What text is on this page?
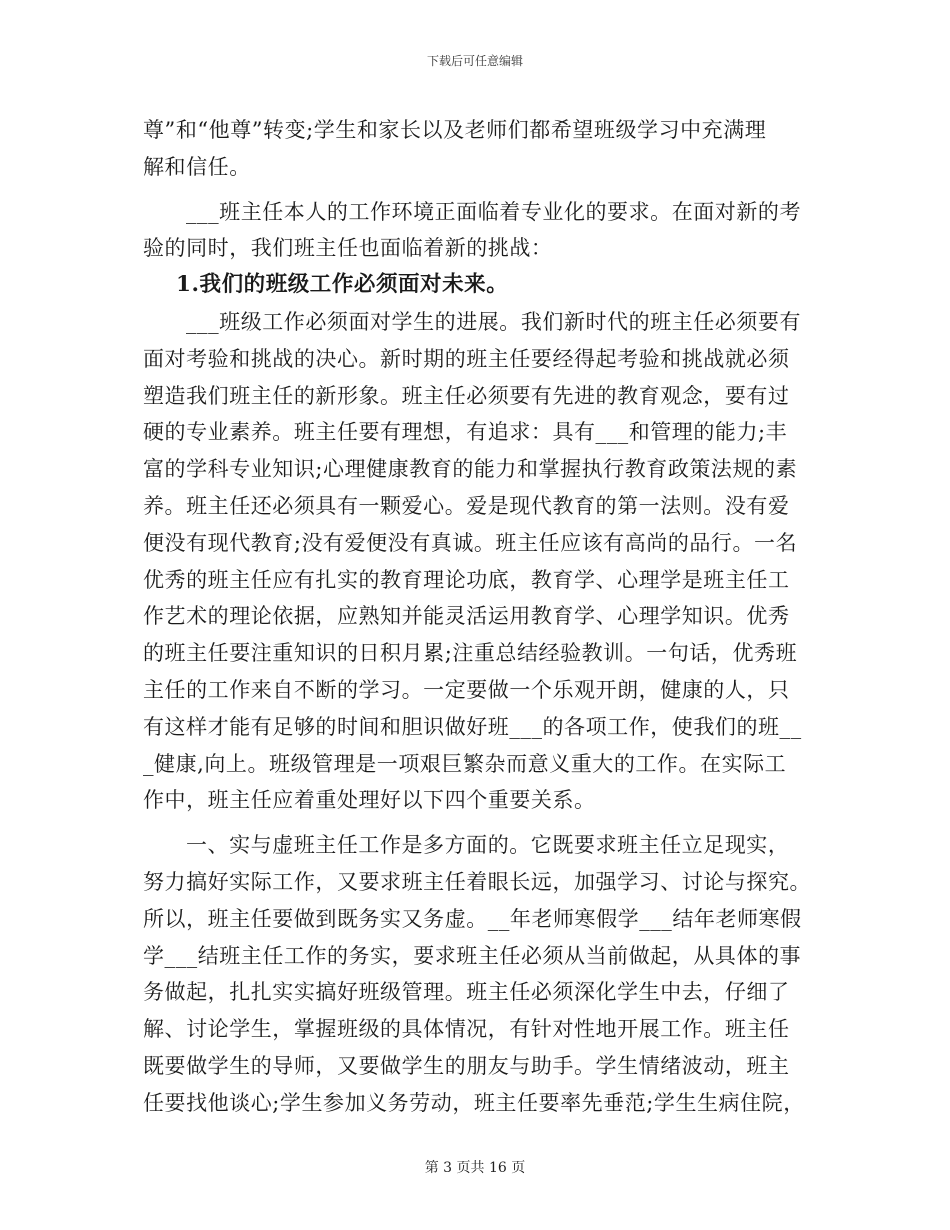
下载后可任意编辑
尊”和“他尊”转变;学生和家长以及老师们都希望班级学习中充满理
解和信任。
___班主任本人的工作环境正面临着专业化的要求。在面对新的考
验的同时，我们班主任也面临着新的挑战：
1.我们的班级工作必须面对未来。
___班级工作必须面对学生的进展。我们新时代的班主任必须要有
面对考验和挑战的决心。新时期的班主任要经得起考验和挑战就必须
塑造我们班主任的新形象。班主任必须要有先进的教育观念，要有过
硬的专业素养。班主任要有理想，有追求：具有___和管理的能力;丰
富的学科专业知识;心理健康教育的能力和掌握执行教育政策法规的素
养。班主任还必须具有一颗爱心。爱是现代教育的第一法则。没有爱
便没有现代教育;没有爱便没有真诚。班主任应该有高尚的品行。一名
优秀的班主任应有扎实的教育理论功底，教育学、心理学是班主任工
作艺术的理论依据，应熟知并能灵活运用教育学、心理学知识。优秀
的班主任要注重知识的日积月累;注重总结经验教训。一句话，优秀班
主任的工作来自不断的学习。一定要做一个乐观开朗，健康的人，只
有这样才能有足够的时间和胆识做好班___的各项工作，使我们的班__
_健康,向上。班级管理是一项艰巨繁杂而意义重大的工作。在实际工
作中，班主任应着重处理好以下四个重要关系。
一、实与虚班主任工作是多方面的。它既要求班主任立足现实，
努力搞好实际工作，又要求班主任着眼长远，加强学习、讨论与探究。
所以，班主任要做到既务实又务虚。__年老师寒假学___结年老师寒假
学___结班主任工作的务实，要求班主任必须从当前做起，从具体的事
务做起，扎扎实实搞好班级管理。班主任必须深化学生中去，仔细了
解、讨论学生，掌握班级的具体情况，有针对性地开展工作。班主任
既要做学生的导师，又要做学生的朋友与助手。学生情绪波动，班主
任要找他谈心;学生参加义务劳动，班主任要率先垂范;学生生病住院，
第 3 页共 16 页
